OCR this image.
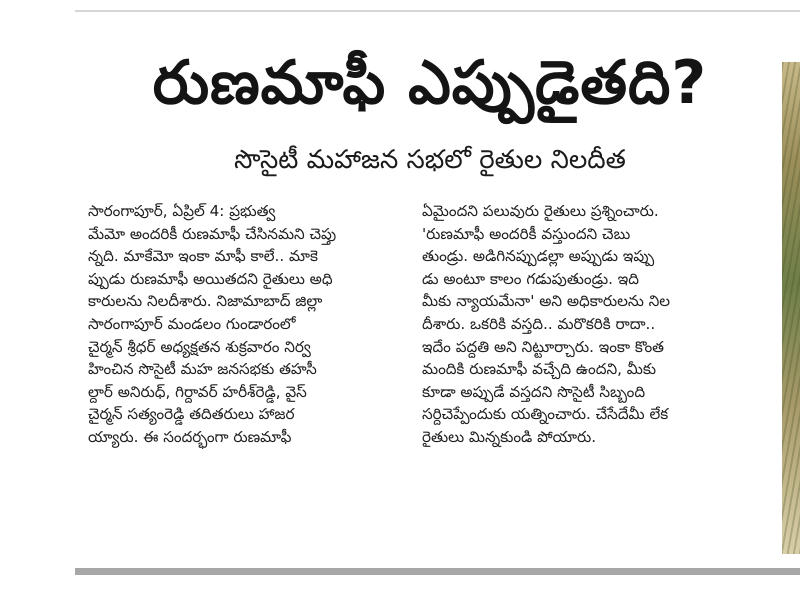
రుణమాఫీ ఎప్పుడైతది?
సొసైటీ మహాజన సభలో రైతుల నిలదీత
సారంగాపూర్, ఏప్రిల్ 4: ప్రభుత్వ
మేమో అందరికీ రుణమాఫీ చేసినమని చెప్తు
న్నది. మాకేమో ఇంకా మాఫీ కాలే.. మాకె
ప్పుడు రుణమాఫీ అయితదని రైతులు అధి
కారులను నిలదీశారు. నిజామాబాద్ జిల్లా
సారంగాపూర్ మండలం గుండారంలో
చైర్మన్ శ్రీధర్ అధ్యక్షతన శుక్రవారం నిర్వ
హించిన సొసైటీ మహ జనసభకు తహసీ
ల్దార్ అనిరుధ్, గిర్దావర్ హరీశ్‌రెడ్డి, వైస్
చైర్మన్ సత్యంరెడ్డి తదితరులు హాజర
య్యారు. ఈ సందర్భంగా రుణమాఫీ
ఏమైందని పలువురు రైతులు ప్రశ్నించారు.
'రుణమాఫీ అందరికీ వస్తుందని చెబు
తుండ్రు. అడిగినప్పుడల్లా అప్పుడు ఇప్పు
డు అంటూ కాలం గడుపుతుండ్రు. ఇది
మీకు న్యాయమేనా' అని అధికారులను నిల
దీశారు. ఒకరికి వస్తది.. మరొకరికి రాదా..
ఇదేం పద్ధతి అని నిట్టూర్చారు. ఇంకా కొంత
మందికి రుణమాఫీ వచ్చేది ఉందని, మీకు
కూడా అప్పుడే వస్తదని సొసైటీ సిబ్బంది
సర్దిచెప్పేందుకు యత్నించారు. చేసేదేమీ లేక
రైతులు మిన్నకుండి పోయారు.
